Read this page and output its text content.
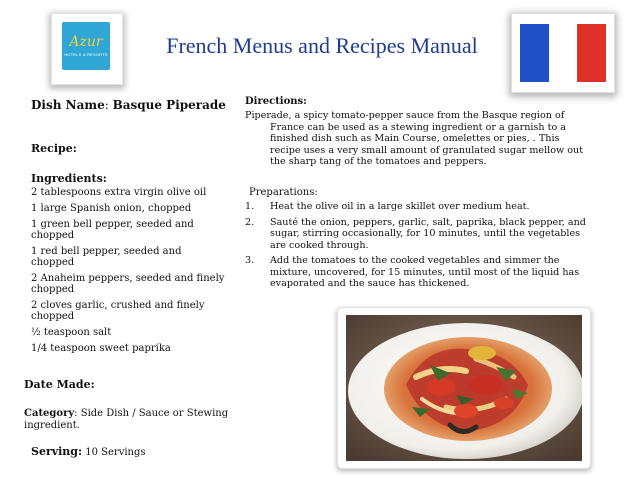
Azur
HOTELS & RESORTS	French Menus and Recipes Manual
Dish Name: Basque Piperade
Recipe:
Ingredients:
2 tablespoons extra virgin olive oil
1 large Spanish onion, chopped
1 green bell pepper, seeded and chopped
1 red bell pepper, seeded and chopped
2 Anaheim peppers, seeded and finely chopped
2 cloves garlic, crushed and finely chopped
½ teaspoon salt
1/4 teaspoon sweet paprika
Date Made:
Category: Side Dish / Sauce or Stewing ingredient.
Serving: 10 Servings
Directions:
Piperade, a spicy tomato-pepper sauce from the Basque region of France can be used as a stewing ingredient or a garnish to a finished dish such as Main Course, omelettes or pies, . This recipe uses a very small amount of granulated sugar mellow out the sharp tang of the tomatoes and peppers.
Preparations:
1. Heat the olive oil in a large skillet over medium heat.
2. Sauté the onion, peppers, garlic, salt, paprika, black pepper, and sugar, stirring occasionally, for 10 minutes, until the vegetables are cooked through.
3. Add the tomatoes to the cooked vegetables and simmer the mixture, uncovered, for 15 minutes, until most of the liquid has evaporated and the sauce has thickened.
